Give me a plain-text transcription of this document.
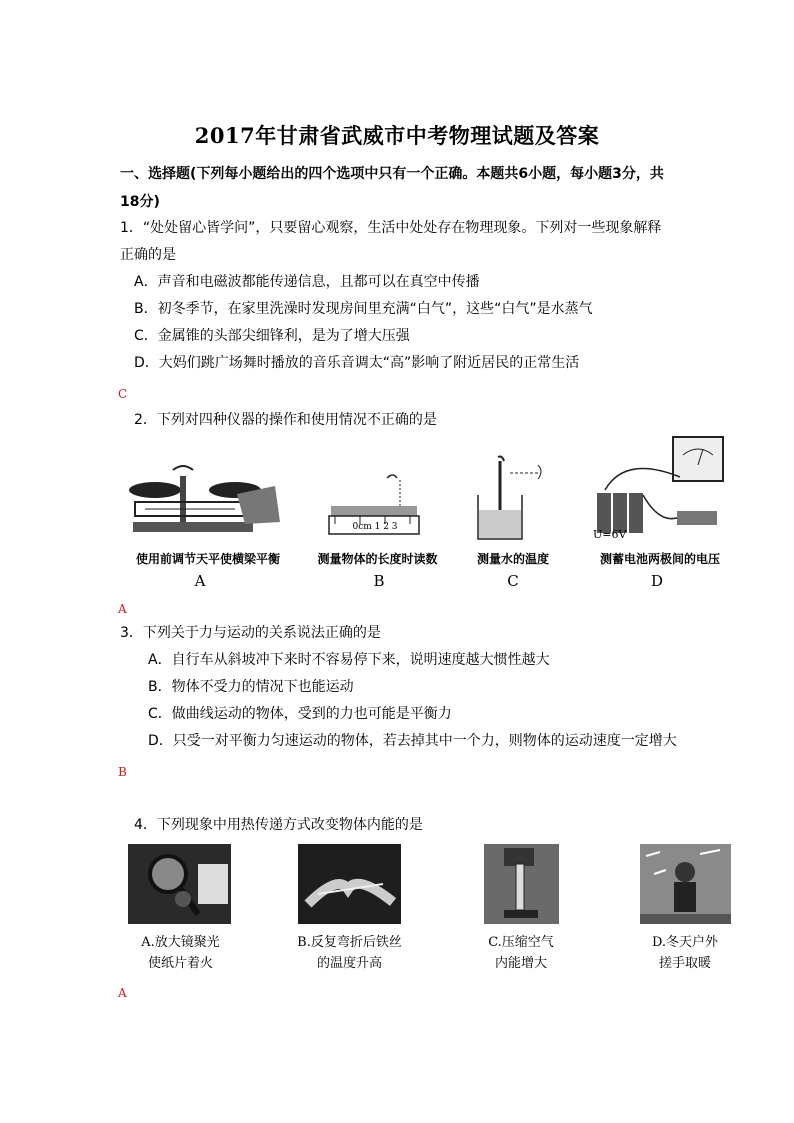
2017年甘肃省武威市中考物理试题及答案
一、选择题(下列每小题给出的四个选项中只有一个正确。本题共6小题，每小题3分，共18分)
1．“处处留心皆学问”，只要留心观察，生活中处处存在物理现象。下列对一些现象解释
正确的是
A．声音和电磁波都能传递信息，且都可以在真空中传播
B．初冬季节，在家里洗澡时发现房间里充满“白气”，这些“白气”是水蒸气
C．金属锥的头部尖细锋利，是为了增大压强
D．大妈们跳广场舞时播放的音乐音调太“高”影响了附近居民的正常生活
C
2．下列对四种仪器的操作和使用情况不正确的是
使用前调节天平使横梁平衡
A
0cm 1 2 3
测量物体的长度时读数
B
测量水的温度
C
U=6V
测蓄电池两极间的电压
D
A
3．下列关于力与运动的关系说法正确的是
A．自行车从斜坡冲下来时不容易停下来，说明速度越大惯性越大
B．物体不受力的情况下也能运动
C．做曲线运动的物体，受到的力也可能是平衡力
D．只受一对平衡力匀速运动的物体，若去掉其中一个力，则物体的运动速度一定增大
B
4．下列现象中用热传递方式改变物体内能的是
A.放大镜聚光
使纸片着火
B.反复弯折后铁丝
的温度升高
C.压缩空气
内能增大
D.冬天户外
搓手取暖
A
